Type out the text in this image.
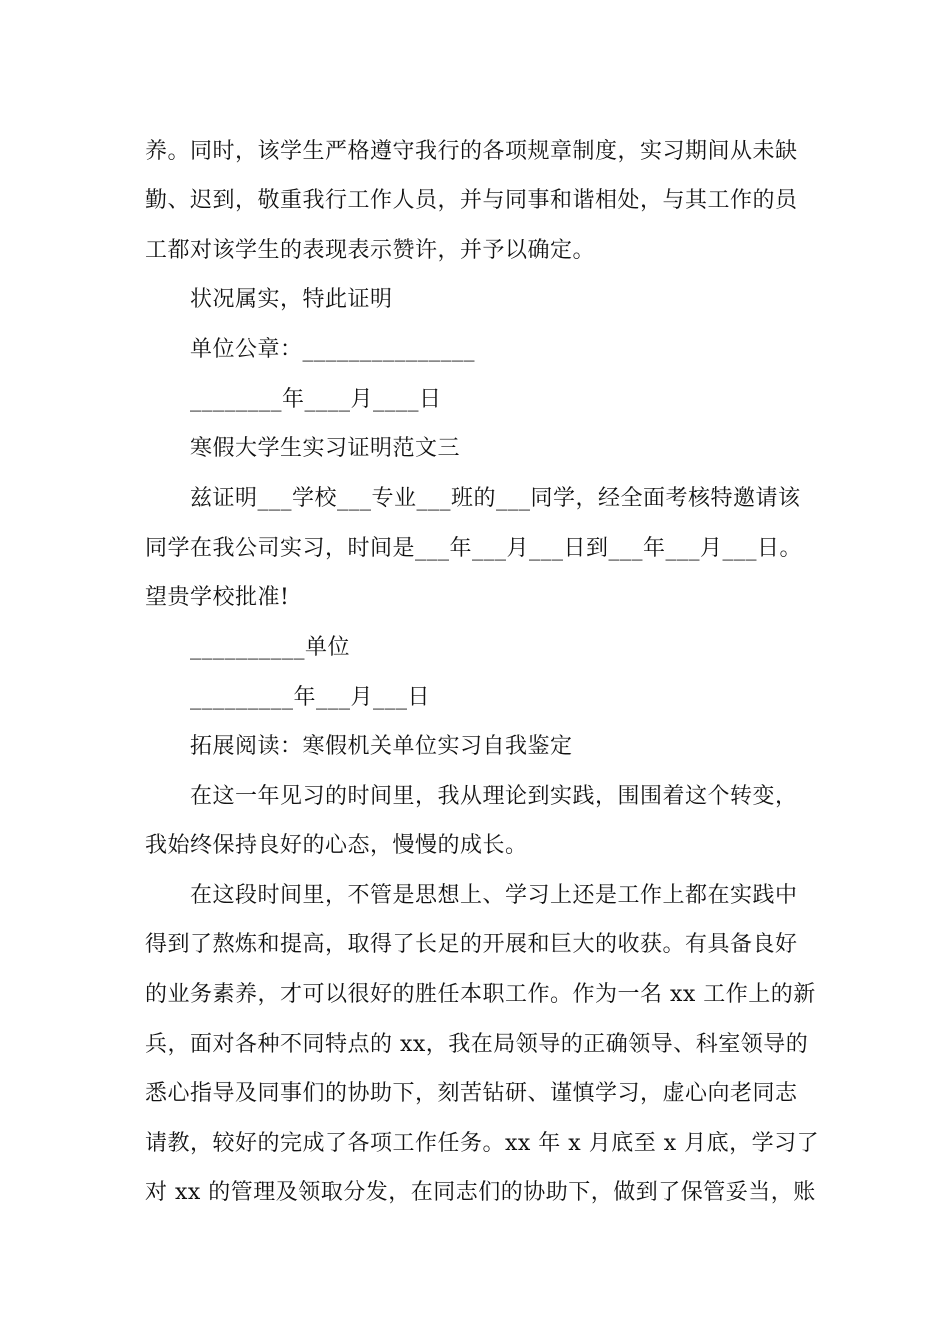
养。同时，该学生严格遵守我行的各项规章制度，实习期间从未缺
勤、迟到，敬重我行工作人员，并与同事和谐相处，与其工作的员
工都对该学生的表现表示赞许，并予以确定。
状况属实，特此证明
单位公章：_______________
________年____月____日
寒假大学生实习证明范文三
兹证明___学校___专业___班的___同学，经全面考核特邀请该
同学在我公司实习，时间是___年___月___日到___年___月___日。
望贵学校批准!
__________单位
_________年___月___日
拓展阅读：寒假机关单位实习自我鉴定
在这一年见习的时间里，我从理论到实践，围围着这个转变，
我始终保持良好的心态，慢慢的成长。
在这段时间里，不管是思想上、学习上还是工作上都在实践中
得到了熬炼和提高，取得了长足的开展和巨大的收获。有具备良好
的业务素养，才可以很好的胜任本职工作。作为一名 xx 工作上的新
兵，面对各种不同特点的 xx，我在局领导的正确领导、科室领导的
悉心指导及同事们的协助下，刻苦钻研、谨慎学习，虚心向老同志
请教，较好的完成了各项工作任务。xx 年 x 月底至 x 月底，学习了
对 xx 的管理及领取分发，在同志们的协助下，做到了保管妥当，账
